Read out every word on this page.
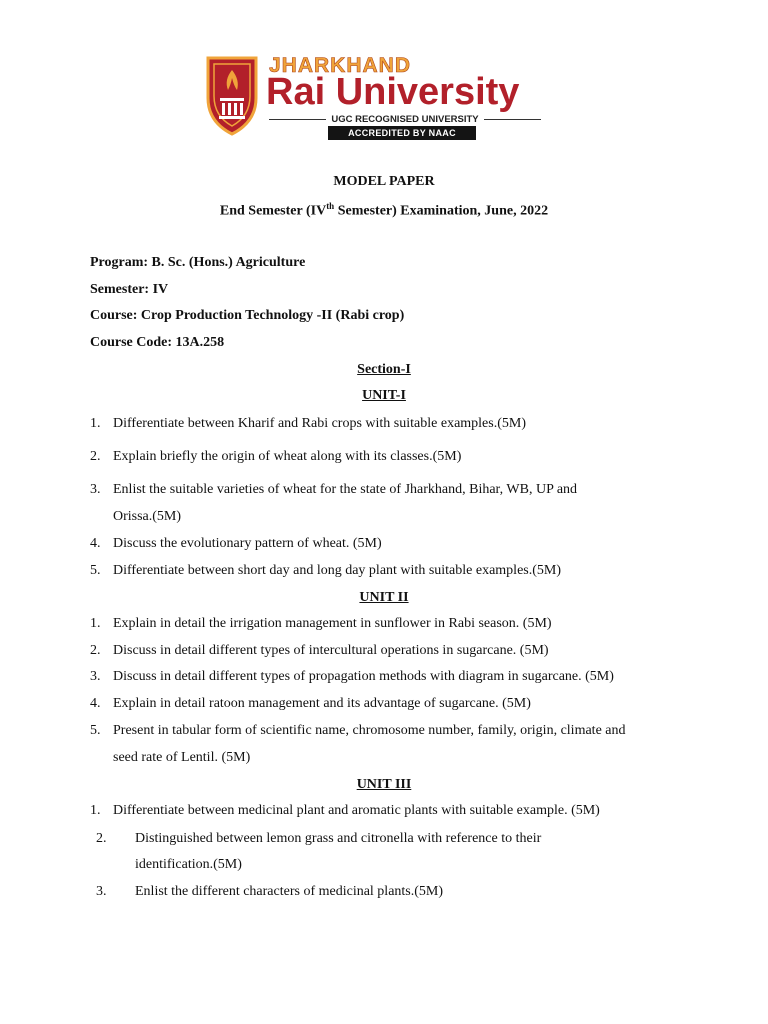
JHARKHAND
Rai University
UGC RECOGNISED UNIVERSITY
ACCREDITED BY NAAC
MODEL PAPER
End Semester (IVth Semester) Examination, June, 2022
Program: B. Sc. (Hons.) Agriculture
Semester: IV
Course: Crop Production Technology -II (Rabi crop)
Course Code: 13A.258
Section-I
UNIT-I
1. Differentiate between Kharif and Rabi crops with suitable examples.(5M)
2. Explain briefly the origin of wheat along with its classes.(5M)
3. Enlist the suitable varieties of wheat for the state of Jharkhand, Bihar, WB, UP and
Orissa.(5M)
4. Discuss the evolutionary pattern of wheat. (5M)
5. Differentiate between short day and long day plant with suitable examples.(5M)
UNIT II
1. Explain in detail the irrigation management in sunflower in Rabi season. (5M)
2. Discuss in detail different types of intercultural operations in sugarcane. (5M)
3. Discuss in detail different types of propagation methods with diagram in sugarcane. (5M)
4. Explain in detail ratoon management and its advantage of sugarcane. (5M)
5. Present in tabular form of scientific name, chromosome number, family, origin, climate and
seed rate of Lentil. (5M)
UNIT III
1. Differentiate between medicinal plant and aromatic plants with suitable example. (5M)
2. Distinguished between lemon grass and citronella with reference to their
identification.(5M)
3. Enlist the different characters of medicinal plants.(5M)
